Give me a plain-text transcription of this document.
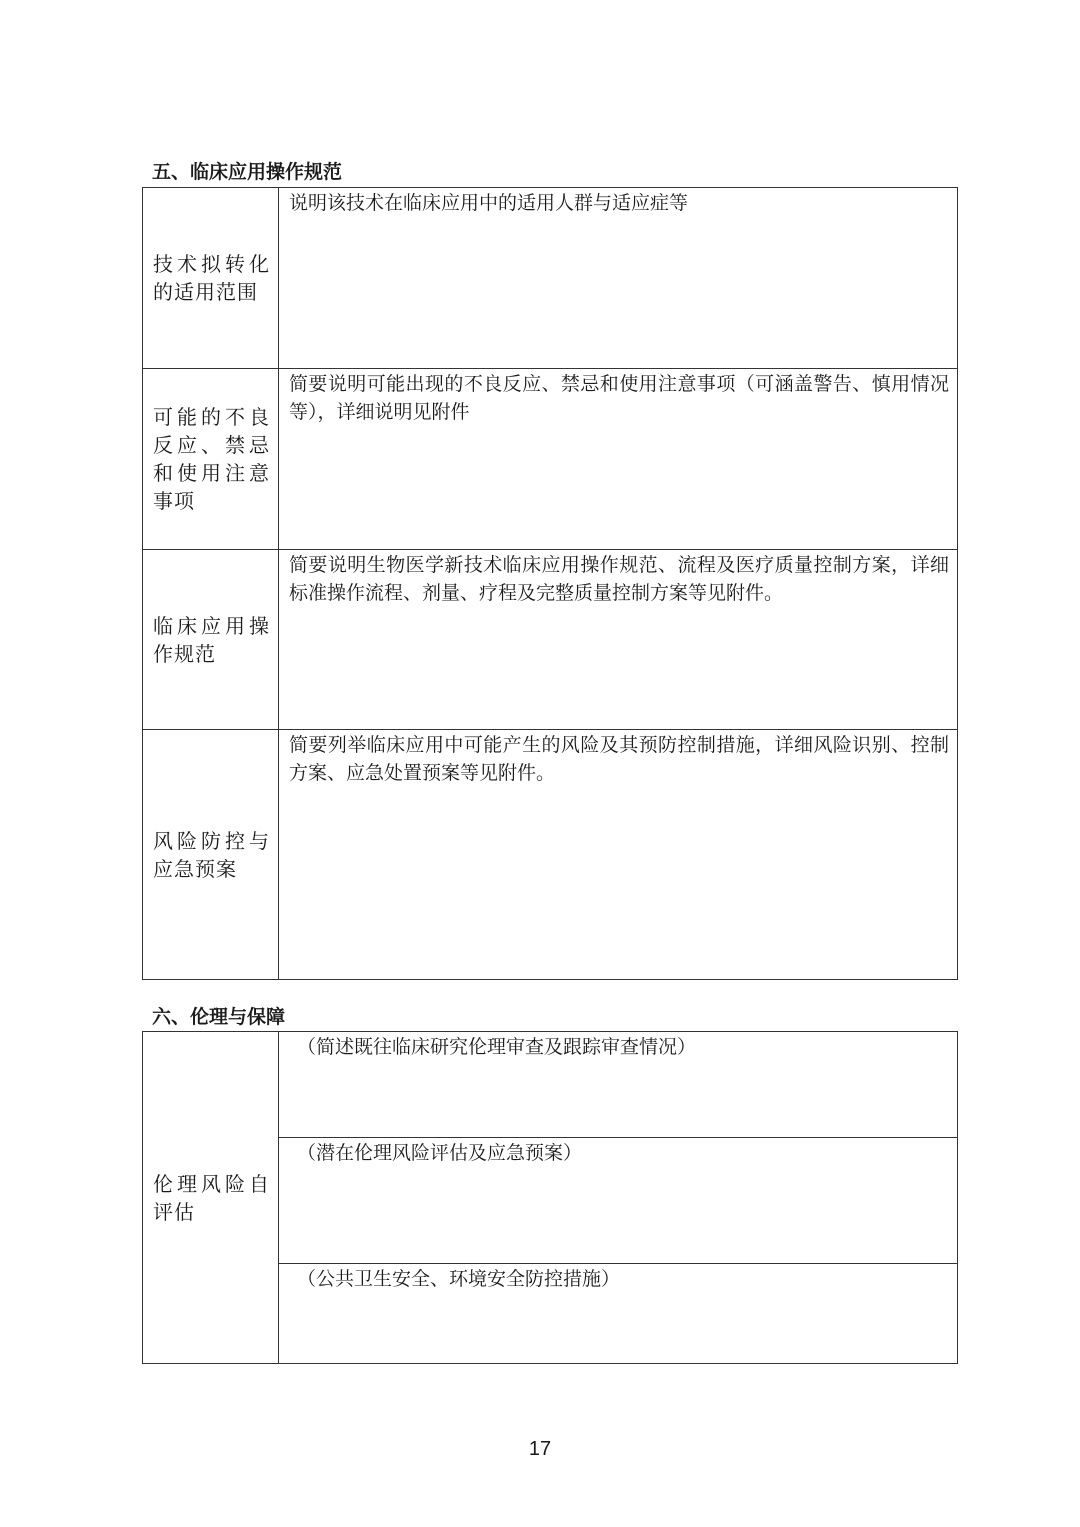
五、临床应用操作规范
技术拟转化的适用范围	说明该技术在临床应用中的适用人群与适应症等

可能的不良反应、禁忌和使用注意事项	简要说明可能出现的不良反应、禁忌和使用注意事项（可涵盖警告、慎用情况等），详细说明见附件

临床应用操作规范	简要说明生物医学新技术临床应用操作规范、流程及医疗质量控制方案，详细标准操作流程、剂量、疗程及完整质量控制方案等见附件。

风险防控与应急预案	简要列举临床应用中可能产生的风险及其预防控制措施，详细风险识别、控制方案、应急处置预案等见附件。
六、伦理与保障
伦理风险自评估

（简述既往临床研究伦理审查及跟踪审查情况）

（潜在伦理风险评估及应急预案）

（公共卫生安全、环境安全防控措施）

17
